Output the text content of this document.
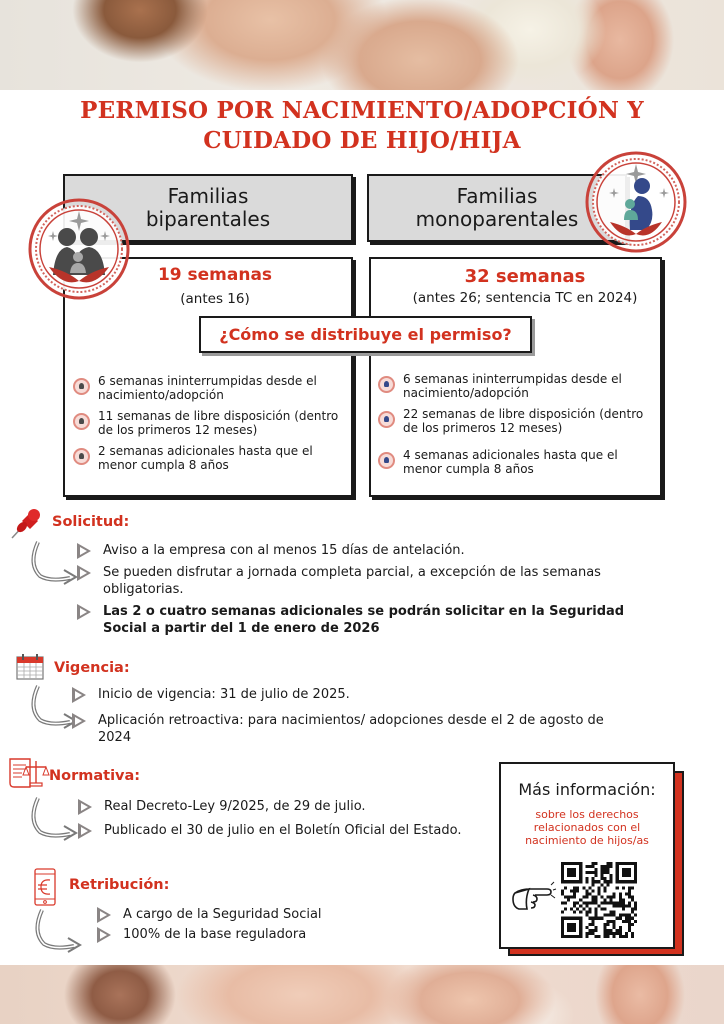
PERMISO POR NACIMIENTO/ADOPCIÓN Y
CUIDADO DE HIJO/HIJA
Familias
biparentales
19 semanas
(antes 16)
Familias
monoparentales
32 semanas
(antes 26; sentencia TC en 2024)
¿Cómo se distribuye el permiso?
6 semanas ininterrumpidas desde el nacimiento/adopción
11 semanas de libre disposición (dentro de los primeros 12 meses)
2 semanas adicionales hasta que el menor cumpla 8 años
6 semanas ininterrumpidas desde el nacimiento/adopción
22 semanas de libre disposición (dentro de los primeros 12 meses)
4 semanas adicionales hasta que el menor cumpla 8 años
Solicitud:
Aviso a la empresa con al menos 15 días de antelación.
Se pueden disfrutar a jornada completa parcial, a excepción de las semanas obligatorias.
Las 2 o cuatro semanas adicionales se podrán solicitar en la Seguridad Social a partir del 1 de enero de 2026
Vigencia:
Inicio de vigencia: 31 de julio de 2025.
Aplicación retroactiva: para nacimientos/ adopciones desde el 2 de agosto de 2024
Normativa:
Real Decreto-Ley 9/2025, de 29 de julio.
Publicado el 30 de julio en el Boletín Oficial del Estado.
Retribución:
A cargo de la Seguridad Social
100% de la base reguladora
Más información:
sobre los derechos
relacionados con el
nacimiento de hijos/as
